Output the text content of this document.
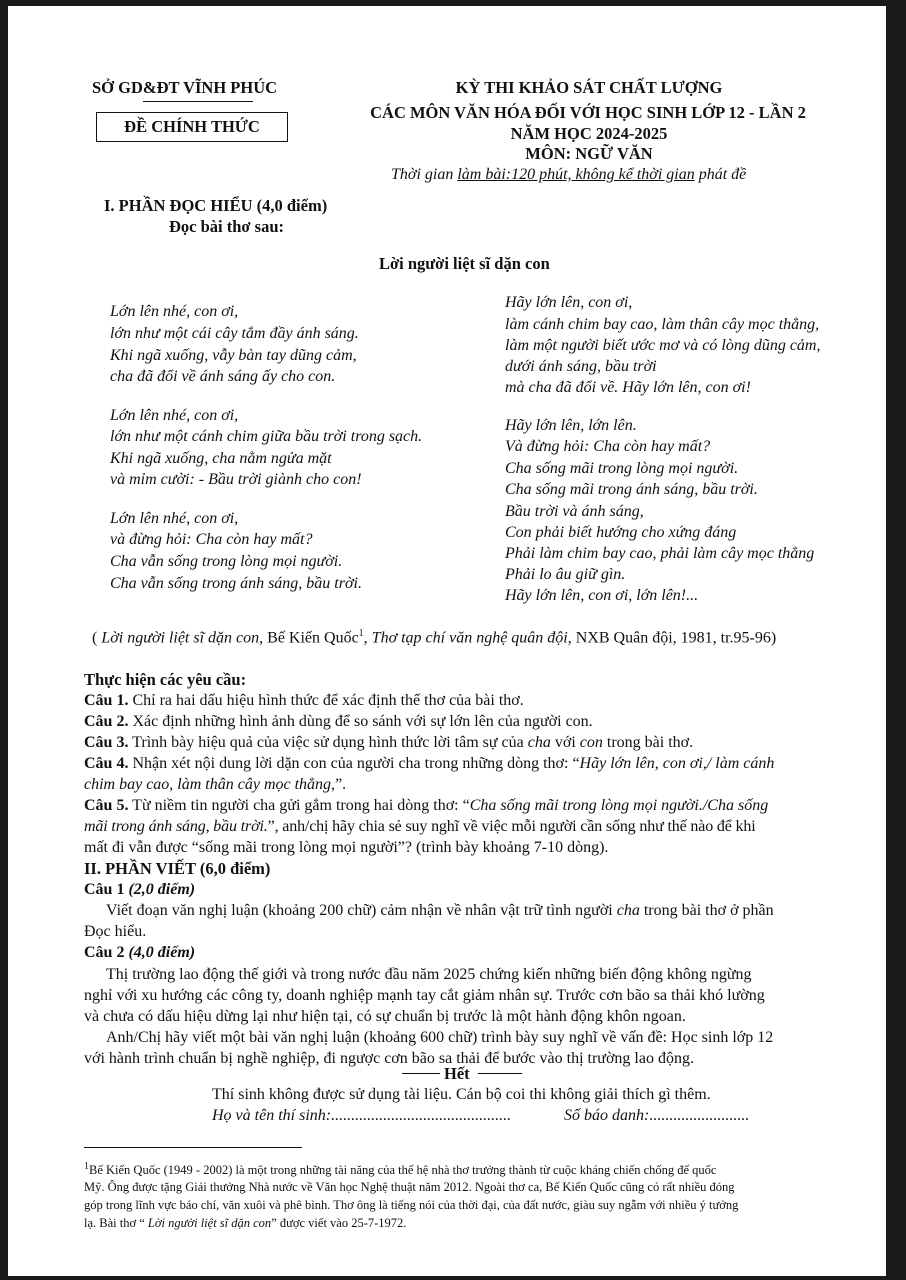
SỞ GD&ĐT VĨNH PHÚC
ĐỀ CHÍNH THỨC
KỲ THI KHẢO SÁT CHẤT LƯỢNG
CÁC MÔN VĂN HÓA ĐỐI VỚI HỌC SINH LỚP 12 - LẦN 2
NĂM HỌC 2024-2025
MÔN: NGỮ VĂN
Thời gian làm bài:120 phút, không kể thời gian phát đề
I. PHẦN ĐỌC HIỂU (4,0 điểm)
Đọc bài thơ sau:
Lời người liệt sĩ dặn con
Lớn lên nhé, con ơi,
lớn như một cái cây tắm đầy ánh sáng.
Khi ngã xuống, vẫy bàn tay dũng cảm,
cha đã đổi về ánh sáng ấy cho con.
Lớn lên nhé, con ơi,
lớn như một cánh chim giữa bầu trời trong sạch.
Khi ngã xuống, cha nằm ngửa mặt
và mỉm cười: - Bầu trời giành cho con!
Lớn lên nhé, con ơi,
và đừng hỏi: Cha còn hay mất?
Cha vẫn sống trong lòng mọi người.
Cha vẫn sống trong ánh sáng, bầu trời.
Hãy lớn lên, con ơi,
làm cánh chim bay cao, làm thân cây mọc thẳng,
làm một người biết ước mơ và có lòng dũng cảm,
dưới ánh sáng, bầu trời
mà cha đã đổi về. Hãy lớn lên, con ơi!
Hãy lớn lên, lớn lên.
Và đừng hỏi: Cha còn hay mất?
Cha sống mãi trong lòng mọi người.
Cha sống mãi trong ánh sáng, bầu trời.
Bầu trời và ánh sáng,
Con phải biết hướng cho xứng đáng
Phải làm chim bay cao, phải làm cây mọc thẳng
Phải lo âu giữ gìn.
Hãy lớn lên, con ơi, lớn lên!...
( Lời người liệt sĩ dặn con, Bế Kiến Quốc$^1$, Thơ tạp chí văn nghệ quân đội, NXB Quân đội, 1981, tr.95-96)
Thực hiện các yêu cầu:
Câu 1. Chỉ ra hai dấu hiệu hình thức để xác định thể thơ của bài thơ.
Câu 2. Xác định những hình ảnh dùng để so sánh với sự lớn lên của người con.
Câu 3. Trình bày hiệu quả của việc sử dụng hình thức lời tâm sự của cha với con trong bài thơ.
Câu 4. Nhận xét nội dung lời dặn con của người cha trong những dòng thơ: “Hãy lớn lên, con ơi,/ làm cánh
chim bay cao, làm thân cây mọc thẳng,”.
Câu 5. Từ niềm tin người cha gửi gắm trong hai dòng thơ: “Cha sống mãi trong lòng mọi người./Cha sống
mãi trong ánh sáng, bầu trời.”, anh/chị hãy chia sẻ suy nghĩ về việc mỗi người cần sống như thế nào để khi
mất đi vẫn được “sống mãi trong lòng mọi người”? (trình bày khoảng 7-10 dòng).
II. PHẦN VIẾT (6,0 điểm)
Câu 1 (2,0 điểm)
Viết đoạn văn nghị luận (khoảng 200 chữ) cảm nhận về nhân vật trữ tình người cha trong bài thơ ở phần
Đọc hiểu.
Câu 2 (4,0 điểm)
Thị trường lao động thế giới và trong nước đầu năm 2025 chứng kiến những biến động không ngừng
nghỉ với xu hướng các công ty, doanh nghiệp mạnh tay cắt giảm nhân sự. Trước cơn bão sa thải khó lường
và chưa có dấu hiệu dừng lại như hiện tại, có sự chuẩn bị trước là một hành động khôn ngoan.
Anh/Chị hãy viết một bài văn nghị luận (khoảng 600 chữ) trình bày suy nghĩ về vấn đề: Học sinh lớp 12
với hành trình chuẩn bị nghề nghiệp, đi ngược cơn bão sa thải để bước vào thị trường lao động.
Hết
Thí sinh không được sử dụng tài liệu. Cán bộ coi thi không giải thích gì thêm.
Họ và tên thí sinh:.............................................	Số báo danh:.........................
$^1$Bế Kiến Quốc (1949 - 2002) là một trong những tài năng của thế hệ nhà thơ trưởng thành từ cuộc kháng chiến chống đế quốc
Mỹ. Ông được tặng Giải thưởng Nhà nước về Văn học Nghệ thuật năm 2012. Ngoài thơ ca, Bế Kiến Quốc cũng có rất nhiều đóng
góp trong lĩnh vực báo chí, văn xuôi và phê bình. Thơ ông là tiếng nói của thời đại, của đất nước, giàu suy ngẫm với nhiều ý tưởng
lạ. Bài thơ “ Lời người liệt sĩ dặn con” được viết vào 25-7-1972.
